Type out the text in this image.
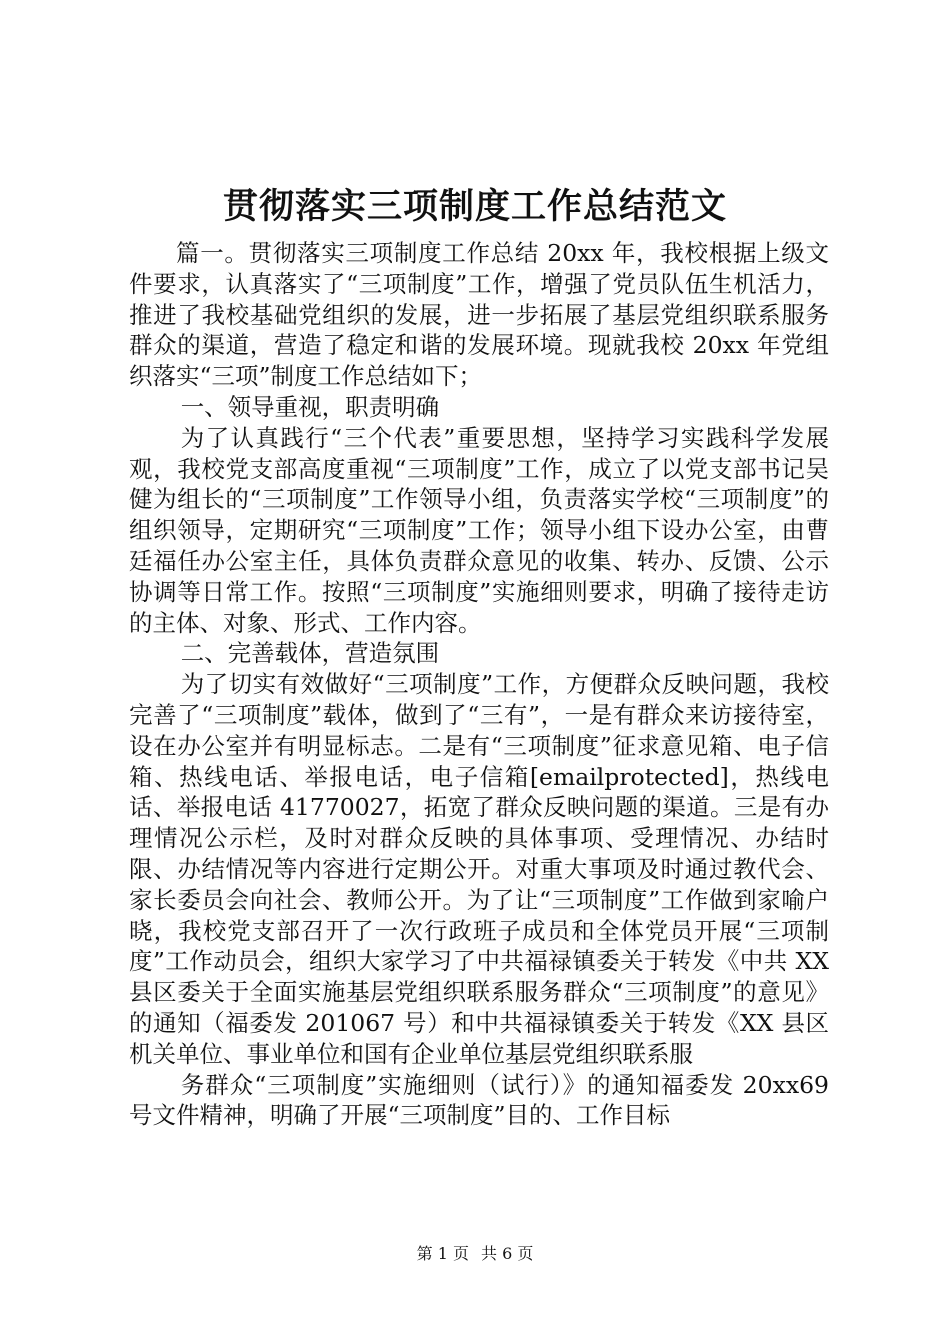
贯彻落实三项制度工作总结范文

篇一。贯彻落实三项制度工作总结 20xx 年，我校根据上级文件要求，认真落实了“三项制度”工作，增强了党员队伍生机活力，推进了我校基础党组织的发展，进一步拓展了基层党组织联系服务群众的渠道，营造了稳定和谐的发展环境。现就我校 20xx 年党组织落实“三项”制度工作总结如下；

一、领导重视，职责明确

为了认真践行“三个代表”重要思想，坚持学习实践科学发展观，我校党支部高度重视“三项制度”工作，成立了以党支部书记吴健为组长的“三项制度”工作领导小组，负责落实学校“三项制度”的组织领导，定期研究“三项制度”工作；领导小组下设办公室，由曹廷福任办公室主任，具体负责群众意见的收集、转办、反馈、公示协调等日常工作。按照“三项制度”实施细则要求，明确了接待走访的主体、对象、形式、工作内容。

二、完善载体，营造氛围

为了切实有效做好“三项制度”工作，方便群众反映问题，我校完善了“三项制度”载体，做到了“三有”，一是有群众来访接待室，设在办公室并有明显标志。二是有“三项制度”征求意见箱、电子信箱、热线电话、举报电话，电子信箱[emailprotected]，热线电话、举报电话 41770027，拓宽了群众反映问题的渠道。三是有办理情况公示栏，及时对群众反映的具体事项、受理情况、办结时限、办结情况等内容进行定期公开。对重大事项及时通过教代会、家长委员会向社会、教师公开。为了让“三项制度”工作做到家喻户晓，我校党支部召开了一次行政班子成员和全体党员开展“三项制度”工作动员会，组织大家学习了中共福禄镇委关于转发《中共 XX 县区委关于全面实施基层党组织联系服务群众“三项制度”的意见》的通知（福委发 201067 号）和中共福禄镇委关于转发《XX 县区机关单位、事业单位和国有企业单位基层党组织联系服

务群众“三项制度”实施细则（试行）》的通知福委发 20xx69 号文件精神，明确了开展“三项制度”目的、工作目标

第 1 页 共 6 页
